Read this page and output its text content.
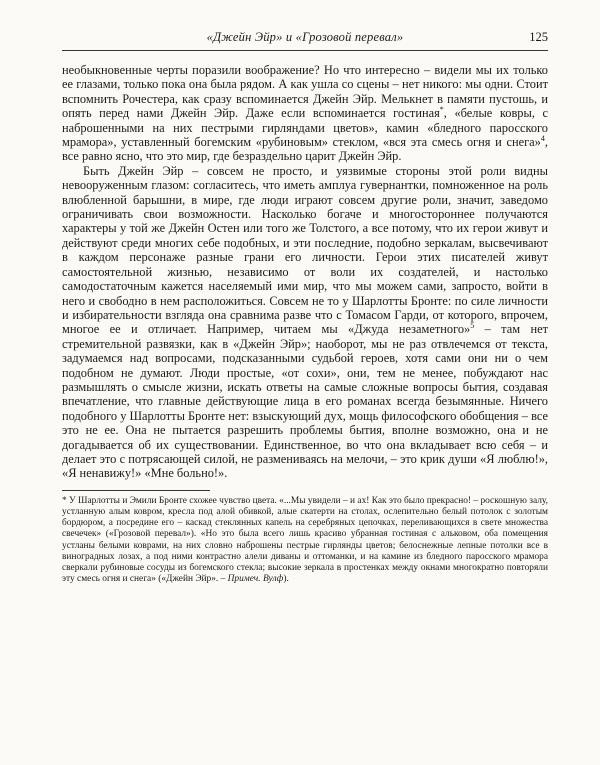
«Джейн Эйр» и «Грозовой перевал»	125

необыкновенные черты поразили воображение? Но что интересно – видели мы их только ее глазами, только пока она была рядом. А как ушла со сцены – нет никого: мы одни. Стоит вспомнить Рочестера, как сразу вспоминается Джейн Эйр. Мелькнет в памяти пустошь, и опять перед нами Джейн Эйр. Даже если вспоминается гостиная*, «белые ковры, с наброшенными на них пестрыми гирляндами цветов», камин «бледного паросского мрамора», уставленный богемским «рубиновым» стеклом, «вся эта смесь огня и снега»$^4$, все равно ясно, что это мир, где безраздельно царит Джейн Эйр.

Быть Джейн Эйр – совсем не просто, и уязвимые стороны этой роли видны невооруженным глазом: согласитесь, что иметь амплуа гувернантки, помноженное на роль влюбленной барышни, в мире, где люди играют совсем другие роли, значит, заведомо ограничивать свои возможности. Насколько богаче и многостороннее получаются характеры у той же Джейн Остен или того же Толстого, а все потому, что их герои живут и действуют среди многих себе подобных, и эти последние, подобно зеркалам, высвечивают в каждом персонаже разные грани его личности. Герои этих писателей живут самостоятельной жизнью, независимо от воли их создателей, и настолько самодостаточным кажется населяемый ими мир, что мы можем сами, запросто, войти в него и свободно в нем расположиться. Совсем не то у Шарлотты Бронте: по силе личности и избирательности взгляда она сравнима разве что с Томасом Гарди, от которого, впрочем, многое ее и отличает. Например, читаем мы «Джуда незаметного»$^5$ – там нет стремительной развязки, как в «Джейн Эйр»; наоборот, мы не раз отвлечемся от текста, задумаемся над вопросами, подсказанными судьбой героев, хотя сами они ни о чем подобном не думают. Люди простые, «от сохи», они, тем не менее, побуждают нас размышлять о смысле жизни, искать ответы на самые сложные вопросы бытия, создавая впечатление, что главные действующие лица в его романах всегда безымянные. Ничего подобного у Шарлотты Бронте нет: взыскующий дух, мощь философского обобщения – все это не ее. Она не пытается разрешить проблемы бытия, вполне возможно, она и не догадывается об их существовании. Единственное, во что она вкладывает всю себя – и делает это с потрясающей силой, не размениваясь на мелочи, – это крик души «Я люблю!», «Я ненавижу!» «Мне больно!».

* У Шарлотты и Эмили Бронте схожее чувство цвета. «...Мы увидели – и ах! Как это было прекрасно! – роскошную залу, устланную алым ковром, кресла под алой обивкой, алые скатерти на столах, ослепительно белый потолок с золотым бордюром, а посредине его – каскад стеклянных капель на серебряных цепочках, переливающихся в свете множества свечечек» («Грозовой перевал»). «Но это была всего лишь красиво убранная гостиная с альковом, оба помещения устланы белыми коврами, на них словно наброшены пестрые гирлянды цветов; белоснежные лепные потолки все в виноградных лозах, а под ними контрастно алели диваны и оттоманки, и на камине из бледного паросского мрамора сверкали рубиновые сосуды из богемского стекла; высокие зеркала в простенках между окнами многократно повторяли эту смесь огня и снега» («Джейн Эйр». – Примеч. Вулф).
